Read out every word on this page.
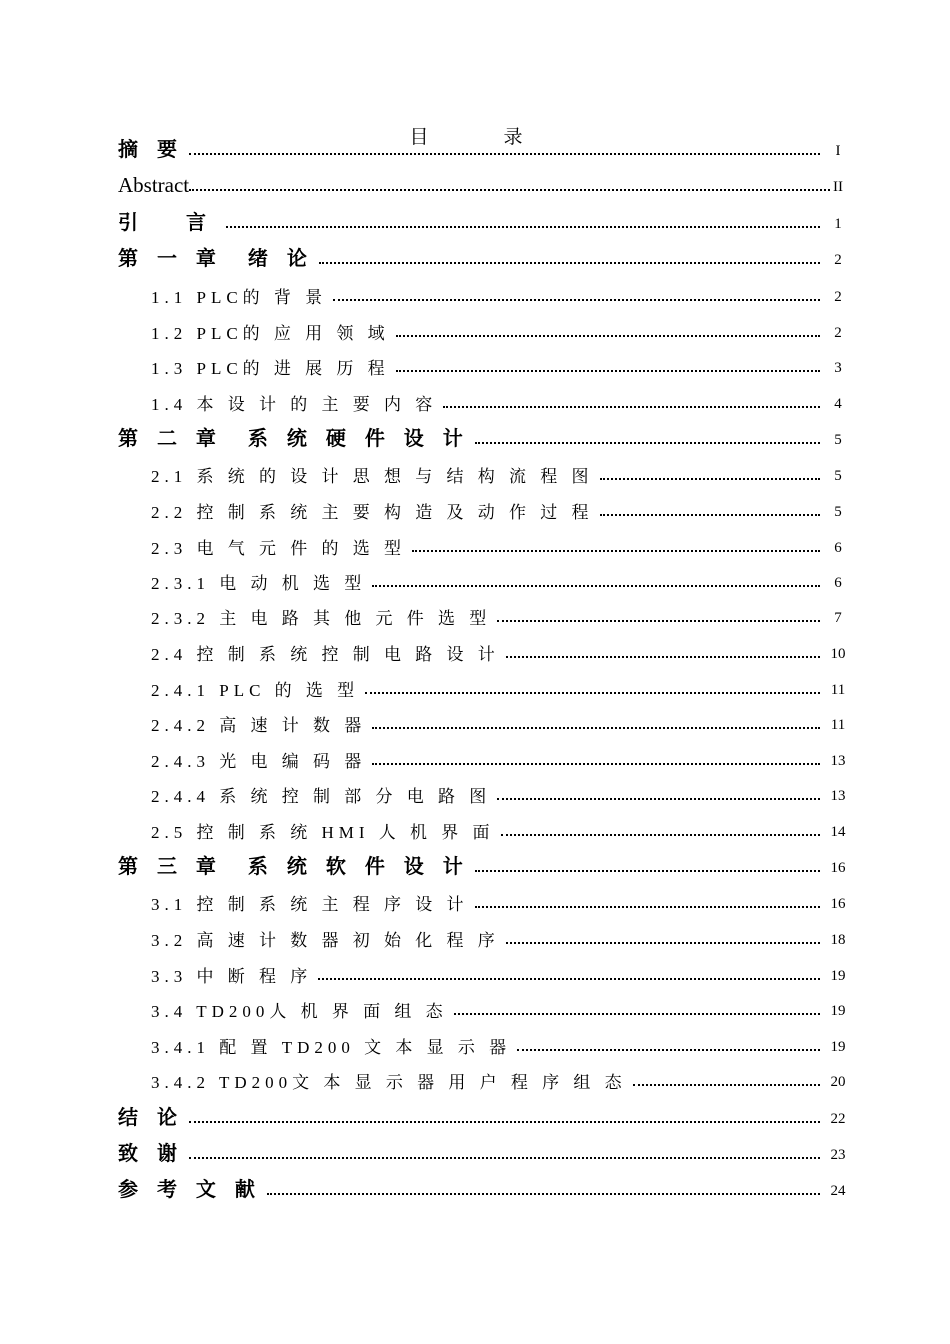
目　录
摘 要	I
Abstract	II
引　言	1
第 一 章　绪 论	2
1.1 PLC的 背 景	2
1.2 PLC的 应 用 领 域	2
1.3 PLC的 进 展 历 程	3
1.4 本 设 计 的 主 要 内 容	4
第 二 章　系 统 硬 件 设 计	5
2.1 系 统 的 设 计 思 想 与 结 构 流 程 图	5
2.2 控 制 系 统 主 要 构 造 及 动 作 过 程	5
2.3 电 气 元 件 的 选 型	6
2.3.1 电 动 机 选 型	6
2.3.2 主 电 路 其 他 元 件 选 型	7
2.4 控 制 系 统 控 制 电 路 设 计	10
2.4.1 PLC 的 选 型	11
2.4.2 高 速 计 数 器	11
2.4.3 光 电 编 码 器	13
2.4.4 系 统 控 制 部 分 电 路 图	13
2.5 控 制 系 统 HMI 人 机 界 面	14
第 三 章　系 统 软 件 设 计	16
3.1 控 制 系 统 主 程 序 设 计	16
3.2 高 速 计 数 器 初 始 化 程 序	18
3.3 中 断 程 序	19
3.4 TD200人 机 界 面 组 态	19
3.4.1 配 置 TD200 文 本 显 示 器	19
3.4.2 TD200文 本 显 示 器 用 户 程 序 组 态	20
结 论	22
致 谢	23
参 考 文 献	24
